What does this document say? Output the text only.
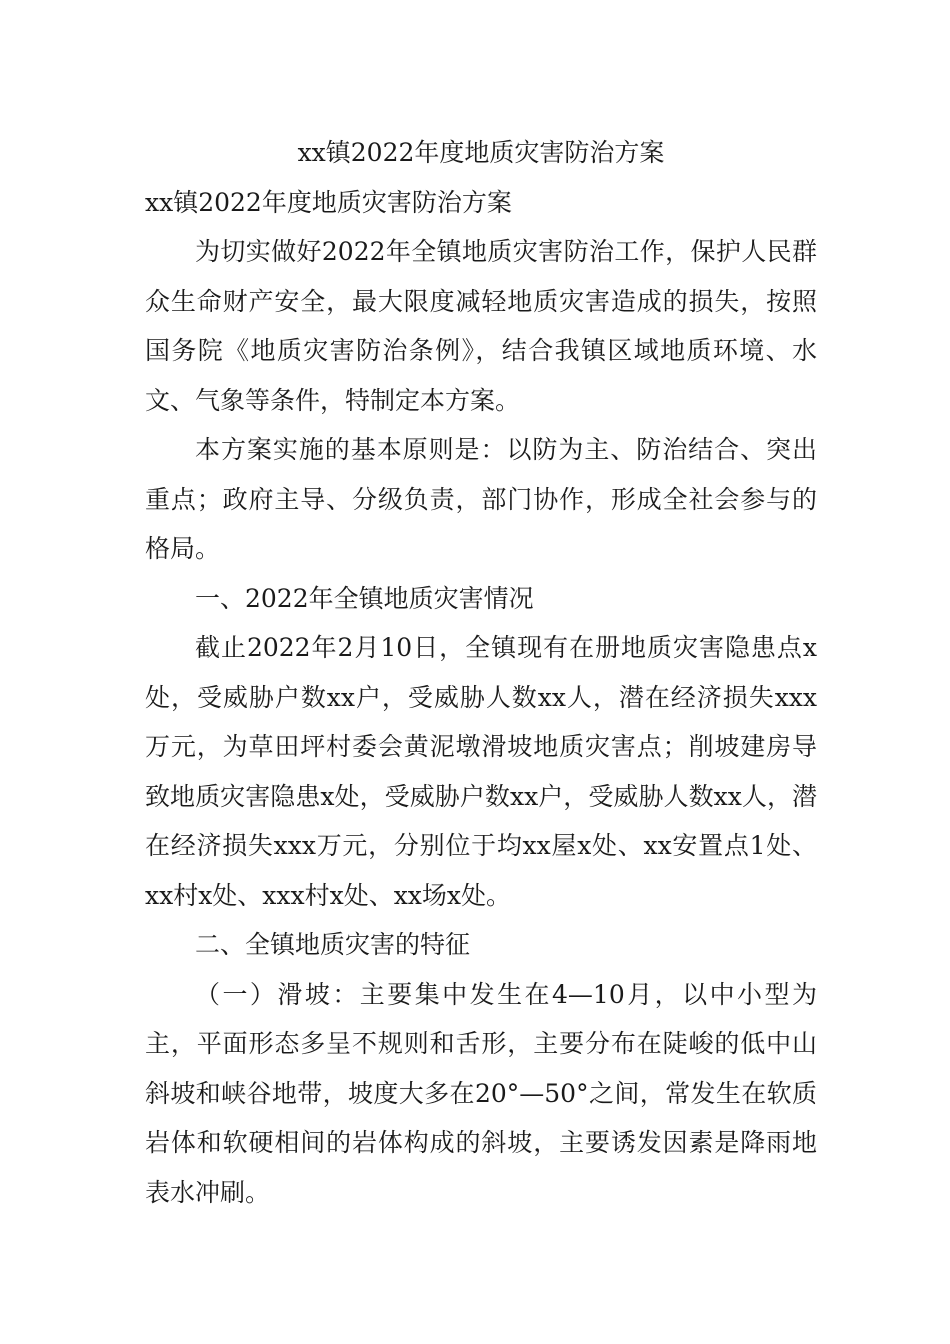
xx镇2022年度地质灾害防治方案
xx镇2022年度地质灾害防治方案

为切实做好2022年全镇地质灾害防治工作，保护人民群众生命财产安全，最大限度减轻地质灾害造成的损失，按照国务院《地质灾害防治条例》，结合我镇区域地质环境、水文、气象等条件，特制定本方案。

本方案实施的基本原则是：以防为主、防治结合、突出重点；政府主导、分级负责，部门协作，形成全社会参与的格局。

一、2022年全镇地质灾害情况

截止2022年2月10日，全镇现有在册地质灾害隐患点x处，受威胁户数xx户，受威胁人数xx人，潜在经济损失xxx万元，为草田坪村委会黄泥墩滑坡地质灾害点；削坡建房导致地质灾害隐患x处，受威胁户数xx户，受威胁人数xx人，潜在经济损失xxx万元，分别位于均xx屋x处、xx安置点1处、xx村x处、xxx村x处、xx场x处。

二、全镇地质灾害的特征

（一）滑坡：主要集中发生在4—10月，以中小型为主，平面形态多呈不规则和舌形，主要分布在陡峻的低中山斜坡和峡谷地带，坡度大多在20°—50°之间，常发生在软质岩体和软硬相间的岩体构成的斜坡，主要诱发因素是降雨地表水冲刷。
